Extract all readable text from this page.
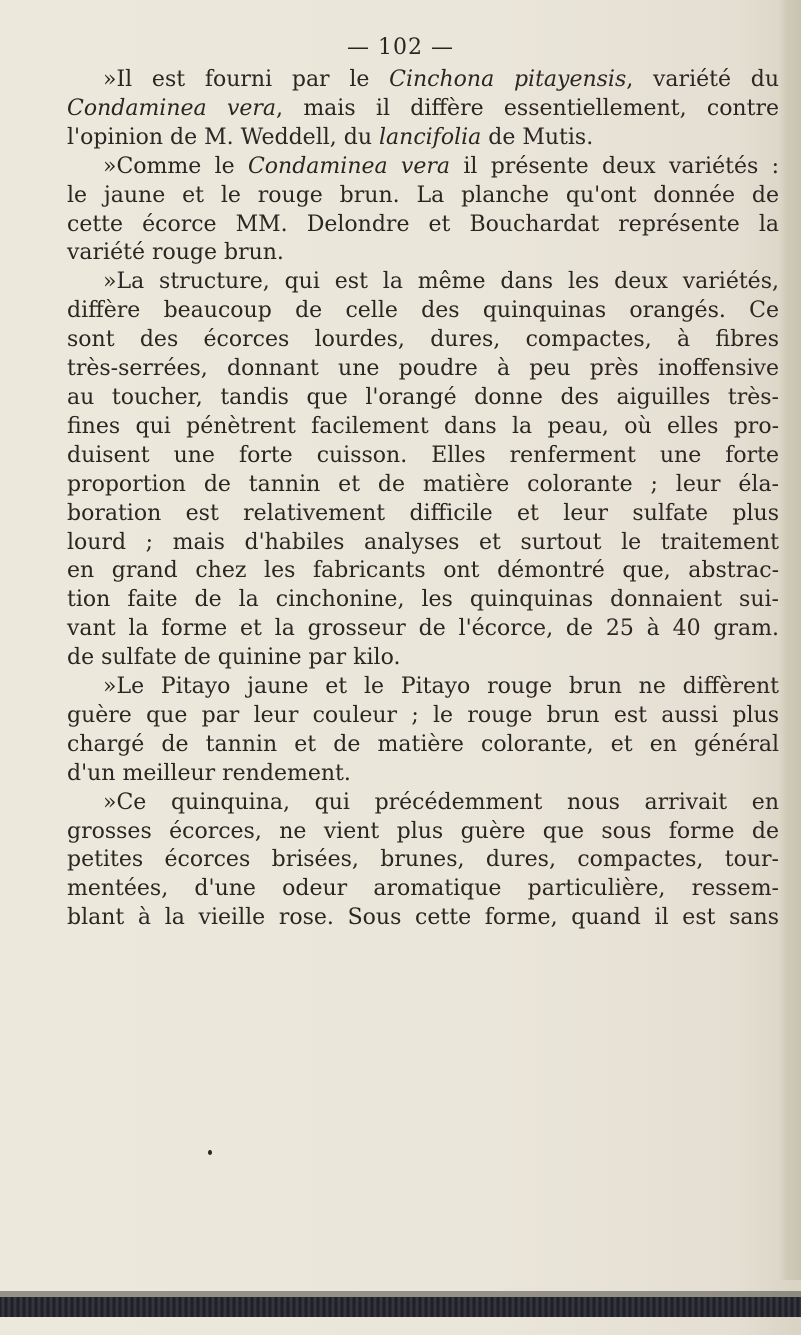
— 102 —
»Il est fourni par le Cinchona pitayensis, variété du
Condaminea vera, mais il diffère essentiellement, contre
l'opinion de M. Weddell, du lancifolia de Mutis.
»Comme le Condaminea vera il présente deux variétés :
le jaune et le rouge brun. La planche qu'ont donnée de
cette écorce MM. Delondre et Bouchardat représente la
variété rouge brun.
»La structure, qui est la même dans les deux variétés,
diffère beaucoup de celle des quinquinas orangés. Ce
sont des écorces lourdes, dures, compactes, à fibres
très-serrées, donnant une poudre à peu près inoffensive
au toucher, tandis que l'orangé donne des aiguilles très-
fines qui pénètrent facilement dans la peau, où elles pro-
duisent une forte cuisson. Elles renferment une forte
proportion de tannin et de matière colorante ; leur éla-
boration est relativement difficile et leur sulfate plus
lourd ; mais d'habiles analyses et surtout le traitement
en grand chez les fabricants ont démontré que, abstrac-
tion faite de la cinchonine, les quinquinas donnaient sui-
vant la forme et la grosseur de l'écorce, de 25 à 40 gram.
de sulfate de quinine par kilo.
»Le Pitayo jaune et le Pitayo rouge brun ne diffèrent
guère que par leur couleur ; le rouge brun est aussi plus
chargé de tannin et de matière colorante, et en général
d'un meilleur rendement.
»Ce quinquina, qui précédemment nous arrivait en
grosses écorces, ne vient plus guère que sous forme de
petites écorces brisées, brunes, dures, compactes, tour-
mentées, d'une odeur aromatique particulière, ressem-
blant à la vieille rose. Sous cette forme, quand il est sans
